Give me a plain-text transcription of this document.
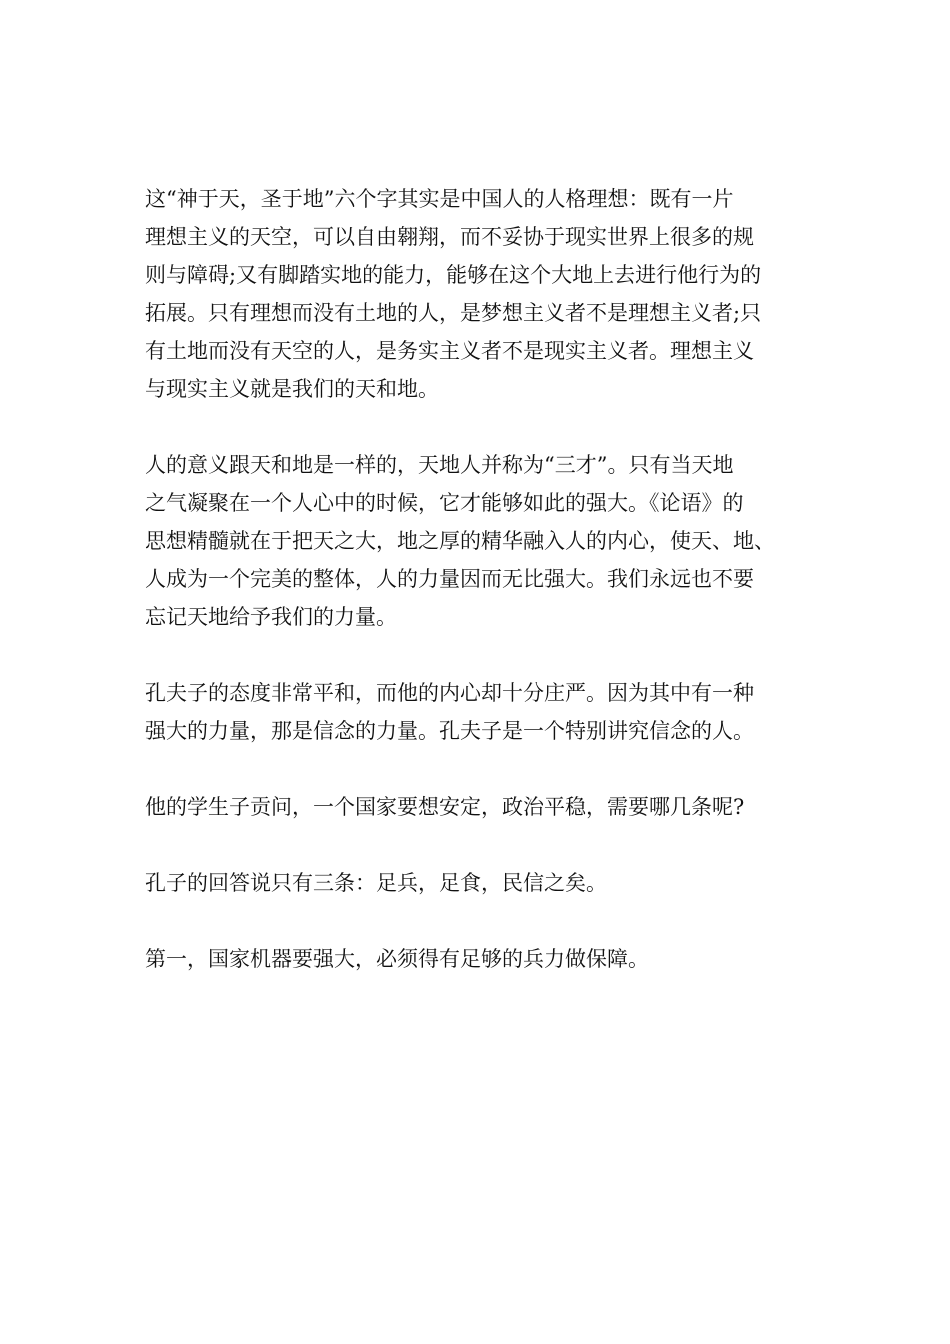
这“神于天，圣于地”六个字其实是中国人的人格理想：既有一片
理想主义的天空，可以自由翱翔，而不妥协于现实世界上很多的规
则与障碍;又有脚踏实地的能力，能够在这个大地上去进行他行为的
拓展。只有理想而没有土地的人，是梦想主义者不是理想主义者;只
有土地而没有天空的人，是务实主义者不是现实主义者。理想主义
与现实主义就是我们的天和地。

人的意义跟天和地是一样的，天地人并称为“三才”。只有当天地
之气凝聚在一个人心中的时候，它才能够如此的强大。《论语》的
思想精髓就在于把天之大，地之厚的精华融入人的内心，使天、地、
人成为一个完美的整体，人的力量因而无比强大。我们永远也不要
忘记天地给予我们的力量。

孔夫子的态度非常平和，而他的内心却十分庄严。因为其中有一种
强大的力量，那是信念的力量。孔夫子是一个特别讲究信念的人。

他的学生子贡问，一个国家要想安定，政治平稳，需要哪几条呢?

孔子的回答说只有三条：足兵，足食，民信之矣。

第一，国家机器要强大，必须得有足够的兵力做保障。
